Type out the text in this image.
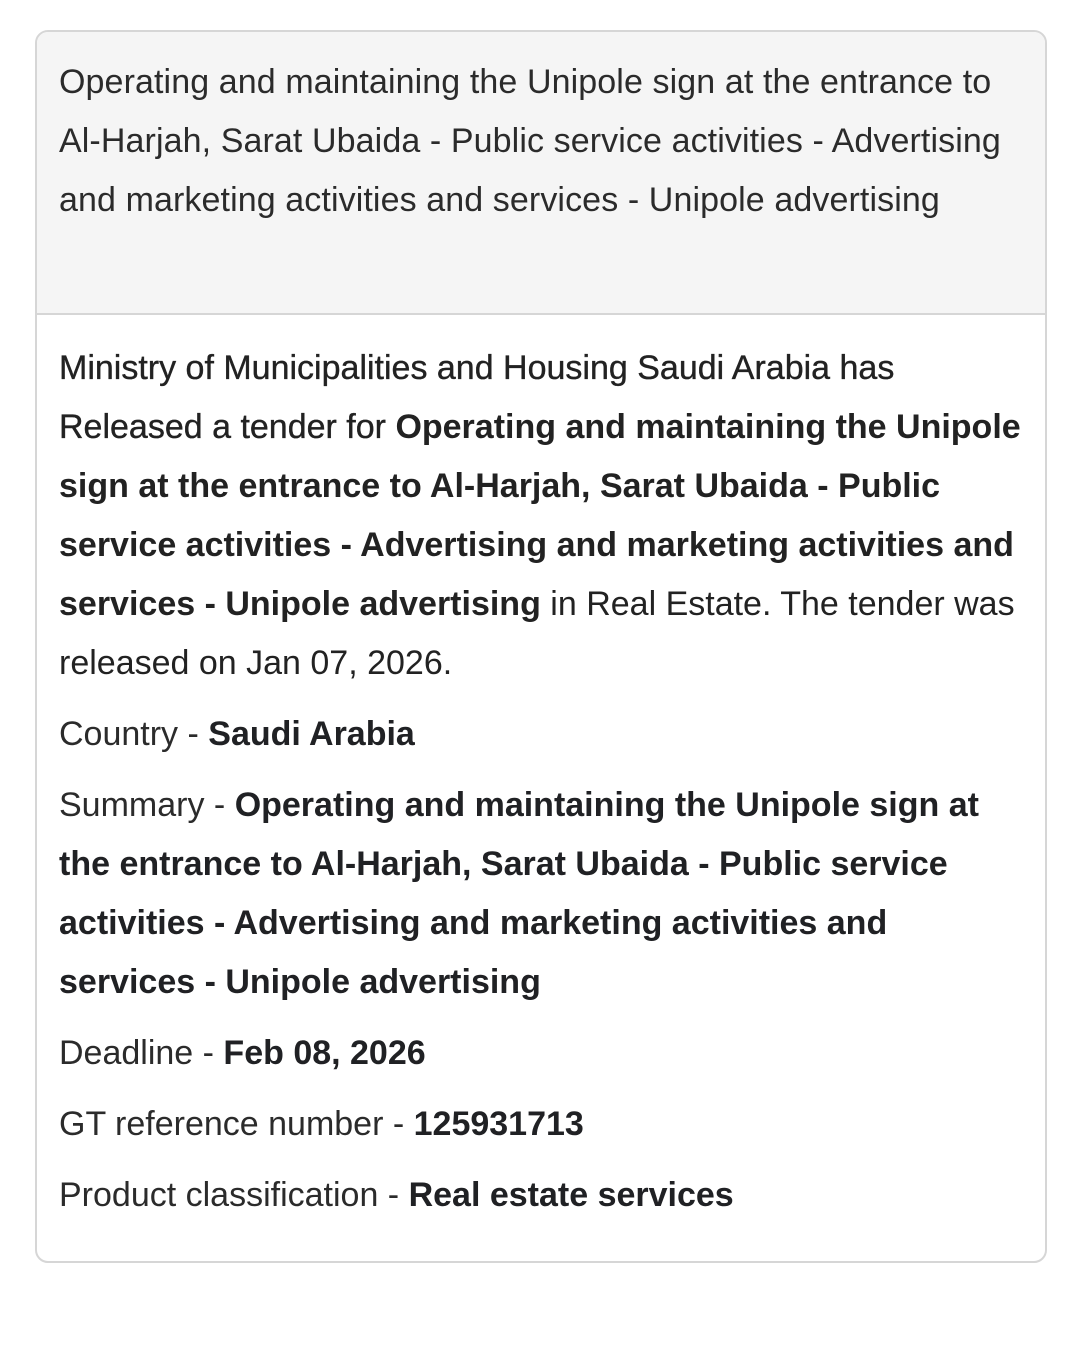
Operating and maintaining the Unipole sign at the entrance to Al-Harjah, Sarat Ubaida - Public service activities - Advertising and marketing activities and services - Unipole advertising

Ministry of Municipalities and Housing Saudi Arabia has Released a tender for Operating and maintaining the Unipole sign at the entrance to Al-Harjah, Sarat Ubaida - Public service activities - Advertising and marketing activities and services - Unipole advertising in Real Estate. The tender was released on Jan 07, 2026.

Country - Saudi Arabia

Summary - Operating and maintaining the Unipole sign at the entrance to Al-Harjah, Sarat Ubaida - Public service activities - Advertising and marketing activities and services - Unipole advertising

Deadline - Feb 08, 2026

GT reference number - 125931713

Product classification - Real estate services
